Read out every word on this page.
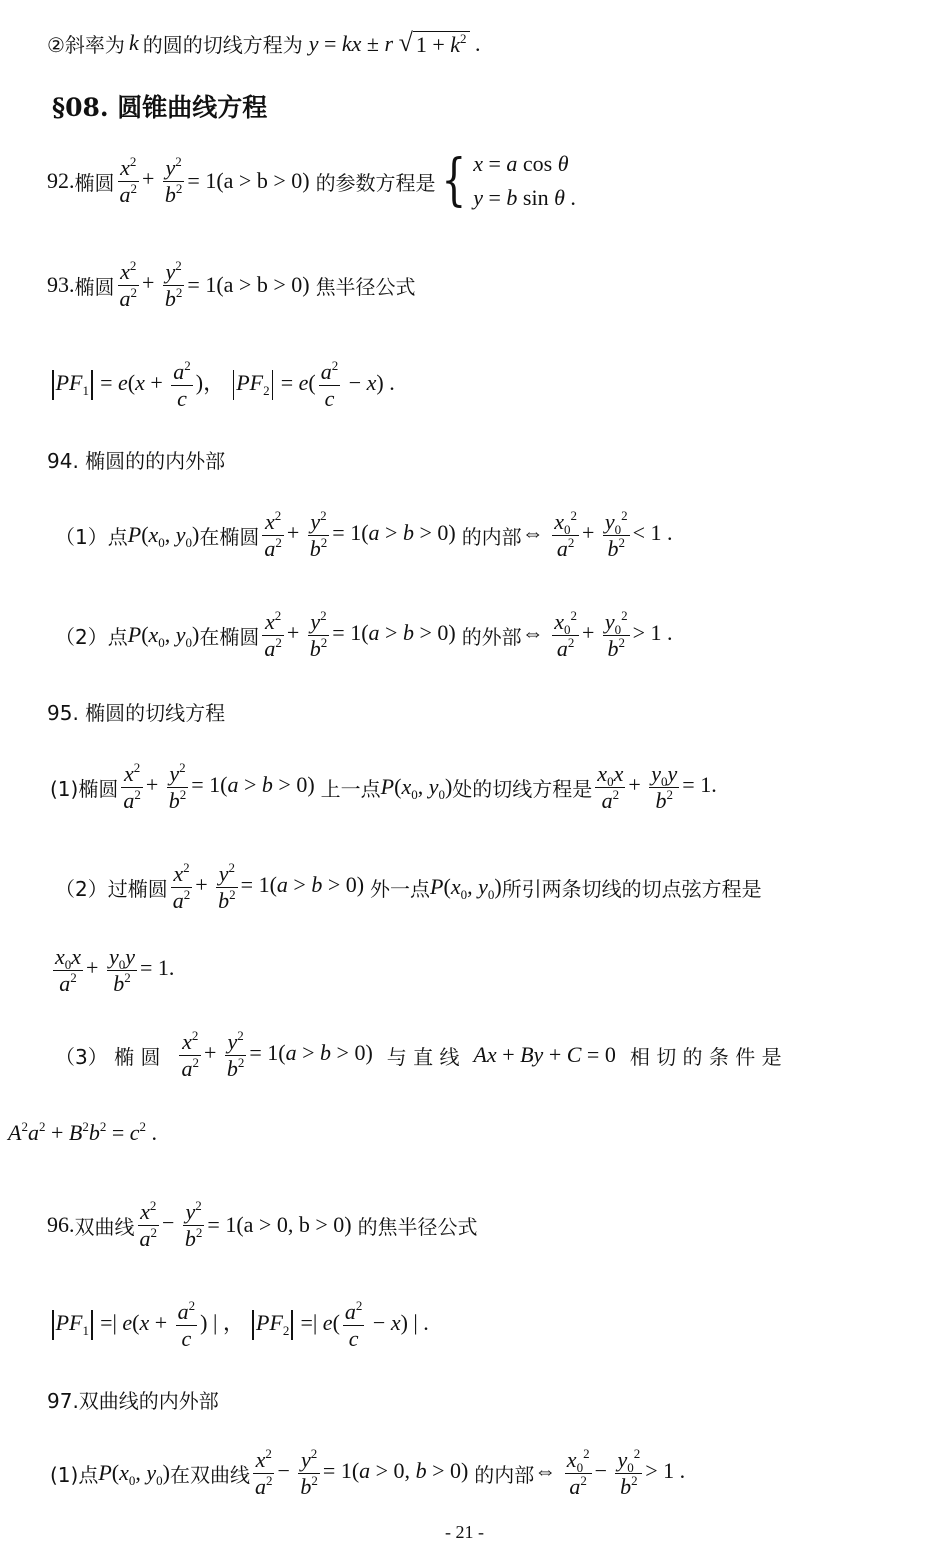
②斜率为 k 的圆的切线方程为 y = kx ± r √ $1 + k^2$ .
§08. 圆锥曲线方程
92. 椭圆 $\frac{x^2}{a^2} + \frac{y^2}{b^2} = 1(a > b > 0)$ 的参数方程是 { x = a cos θ
y = b sin θ .
93. 椭圆 $\frac{x^2}{a^2} + \frac{y^2}{b^2} = 1(a > b > 0)$ 焦半径公式
$PF_1 = e(x + \frac{a^2}{c}$ )， $PF_2 = e( \frac{a^2}{c} - x)$ .
94. 椭圆的的内外部
（1）点 $P(x_0$, $y_0$) 在椭圆 $\frac{x^2}{a^2} + \frac{y^2}{b^2} = 1(a > b > 0)$ 的内部 ⇔ $\frac{x_0^2}{a^2} + \frac{y_0^2}{b^2} < 1$ .
（2）点 $P(x_0$, $y_0$) 在椭圆 $\frac{x^2}{a^2} + \frac{y^2}{b^2} = 1(a > b > 0)$ 的外部 ⇔ $\frac{x_0^2}{a^2} + \frac{y_0^2}{b^2} > 1$ .
95. 椭圆的切线方程
(1)椭圆 $\frac{x^2}{a^2} + \frac{y^2}{b^2} = 1(a > b > 0)$ 上一点 $P(x_0$, $y_0$) 处的切线方程是 $\frac{x_0x}{a^2} + \frac{y_0y}{b^2} = 1$.
（2）过椭圆 $\frac{x^2}{a^2} + \frac{y^2}{b^2} = 1(a > b > 0)$ 外一点 $P(x_0$, $y_0$) 所引两条切线的切点弦方程是
$\frac{x_0x}{a^2} + \frac{y_0y}{b^2} = 1$.
（3） 椭 圆 $\frac{x^2}{a^2} + \frac{y^2}{b^2} = 1(a > b > 0)$ 与 直 线 Ax + By + C = 0 相 切 的 条 件 是
$A^2a^2 + B^2b^2 = c^2$ .
96. 双曲线 $\frac{x^2}{a^2} - \frac{y^2}{b^2} = 1(a > 0$, b > 0) 的焦半径公式
$PF_1$ =| $e(x + \frac{a^2}{c}$ ) | ， $PF_2$ =| $e( \frac{a^2}{c} - x)$ | .
97.双曲线的内外部
(1)点 $P(x_0$, $y_0$) 在双曲线 $\frac{x^2}{a^2} - \frac{y^2}{b^2} = 1(a > 0$, b > 0) 的内部 ⇔ $\frac{x_0^2}{a^2} - \frac{y_0^2}{b^2} > 1$ .
- 21 -
